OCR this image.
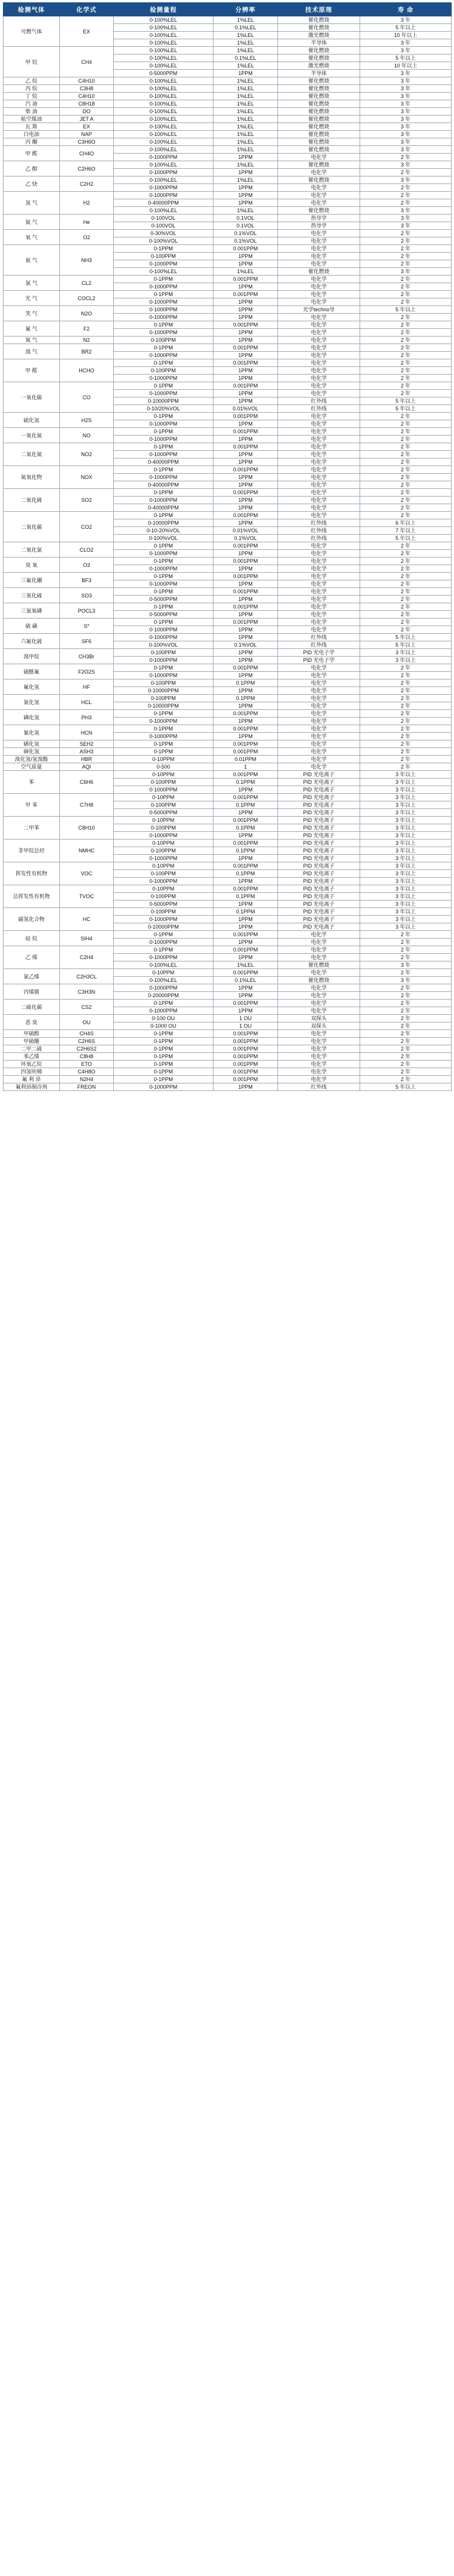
检测气体	化学式	检测量程	分辨率	技术原理	寿 命
可燃气体	EX	0-100%LEL	1%LEL	催化燃烧	3 年
		0-100%LEL	0.1%LEL	催化燃烧	5 年以上
		0-100%LEL	1%LEL	激光燃烧	10 年以上
		0-100%LEL	1%LEL	半导体	3 年
甲 烷	CH4	0-100%LEL	1%LEL	催化燃烧	3 年
		0-100%LEL	0.1%LEL	催化燃烧	5 年以上
		0-100%LEL	1%LEL	激光燃烧	10 年以上
		0-5000PPM	1PPM	半导体	3 年
乙 烷	C4H10	0-100%LEL	1%LEL	催化燃烧	3 年
丙 烷	C3H8	0-100%LEL	1%LEL	催化燃烧	3 年
丁 烷	C4H10	0-100%LEL	1%LEL	催化燃烧	3 年
汽 油	C8H18	0-100%LEL	1%LEL	催化燃烧	3 年
柴 油	DO	0-100%LEL	1%LEL	催化燃烧	3 年
航空煤油	JET A	0-100%LEL	1%LEL	催化燃烧	3 年
瓦 斯	EX	0-100%LEL	1%LEL	催化燃烧	3 年
白电油	NAP	0-100%LEL	1%LEL	催化燃烧	3 年
丙 酮	C3H6O	0-100%LEL	1%LEL	催化燃烧	3 年
甲 醛	CH4O	0-100%LEL	1%LEL	催化燃烧	3 年
		0-1000PPM	1PPM	电化学	2 年
乙 醇	C2H6O	0-100%LEL	1%LEL	催化燃烧	3 年
		0-1000PPM	1PPM	电化学	2 年
乙 炔	C2H2	0-100%LEL	1%LEL	催化燃烧	3 年
		0-1000PPM	1PPM	电化学	2 年
氢 气	H2	0-1000PPM	1PPM	电化学	2 年
		0-40000PPM	1PPM	电化学	2 年
		0-100%LEL	1%LEL	催化燃烧	3 年
氦 气	He	0-100VOL	0.1VOL	热导学	3 年
		0-100VOL	0.1VOL	热导学	3 年
氧 气	O2	0-30%VOL	0.1%VOL	电化学	2 年
		0-100%VOL	0.1%VOL	电化学	2 年
氨 气	NH3	0-1PPM	0.001PPM	电化学	2 年
		0-100PPM	1PPM	电化学	2 年
		0-1000PPM	1PPM	电化学	2 年
		0-100%LEL	1%LEL	催化燃烧	3 年
氯 气	CL2	0-1PPM	0.001PPM	电化学	2 年
		0-1000PPM	1PPM	电化学	2 年
光 气	COCL2	0-1PPM	0.001PPM	电化学	2 年
		0-1000PPM	1PPM	电化学	2 年
笑 气	N2O	0-1000PPM	1PPM	光学techno导	5 年以上
		0-1000PPM	1PPM	电化学	2 年
氟 气	F2	0-1PPM	0.001PPM	电化学	2 年
		0-1000PPM	1PPM	电化学	2 年
氮 气	N2	0-100PPM	1PPM	电化学	2 年
溴 气	BR2	0-1PPM	0.001PPM	电化学	2 年
		0-1000PPM	1PPM	电化学	2 年
甲 醛	HCHO	0-1PPM	0.001PPM	电化学	2 年
		0-100PPM	1PPM	电化学	2 年
		0-1000PPM	1PPM	电化学	2 年
一氧化碳	CO	0-1PPM	0.001PPM	电化学	2 年
		0-1000PPM	1PPM	电化学	2 年
		0-10000PPM	1PPM	红外线	5 年以上
		0-10/20%VOL	0.01%VOL	红外线	5 年以上
硫化氢	H2S	0-1PPM	0.001PPM	电化学	2 年
		0-1000PPM	1PPM	电化学	2 年
一氧化氮	NO	0-1PPM	0.001PPM	电化学	2 年
		0-1000PPM	1PPM	电化学	2 年
二氧化氮	NO2	0-1PPM	0.001PPM	电化学	2 年
		0-1000PPM	1PPM	电化学	2 年
		0-40000PPM	1PPM	电化学	2 年
氮氧化物	NOX	0-1PPM	0.001PPM	电化学	2 年
		0-1000PPM	1PPM	电化学	2 年
		0-40000PPM	1PPM	电化学	2 年
二氧化硫	SO2	0-1PPM	0.001PPM	电化学	2 年
		0-1000PPM	1PPM	电化学	2 年
		0-40000PPM	1PPM	电化学	2 年
二氧化碳	CO2	0-1PPM	0.001PPM	电化学	2 年
		0-10000PPM	1PPM	红外线	6 年以上
		0-10-20%VOL	0.01%VOL	红外线	7 年以上
		0-100%VOL	0.1%VOL	红外线	5 年以上
二氧化氯	CLO2	0-1PPM	0.001PPM	电化学	2 年
		0-1000PPM	1PPM	电化学	2 年
臭 氧	O3	0-1PPM	0.001PPM	电化学	2 年
		0-1000PPM	1PPM	电化学	2 年
三氟化硼	BF3	0-1PPM	0.001PPM	电化学	2 年
		0-1000PPM	1PPM	电化学	2 年
三氧化硫	SO3	0-1PPM	0.001PPM	电化学	2 年
		0-5000PPM	1PPM	电化学	2 年
三氯氧磷	POCL3	0-1PPM	0.001PPM	电化学	2 年
		0-5000PPM	1PPM	电化学	2 年
硫 磺	S*	0-1PPM	0.001PPM	电化学	2 年
		0-1000PPM	1PPM	电化学	2 年
六氟化硫	SF6	0-1000PPM	1PPM	红外线	5 年以上
		0-100%VOL	0.1%VOL	红外线	5 年以上
溴甲烷	CH3Br	0-100PPM	1PPM	PID 光电子学	3 年以上
		0-1000PPM	1PPM	PID 光电子学	3 年以上
硫酰氟	F2O2S	0-1PPM	0.001PPM	电化学	2 年
		0-1000PPM	1PPM	电化学	2 年
氟化氢	HF	0-100PPM	0.1PPM	电化学	2 年
		0-10000PPM	1PPM	电化学	2 年
氯化氢	HCL	0-100PPM	0.1PPM	电化学	2 年
		0-10000PPM	1PPM	电化学	2 年
磷化氢	PH3	0-1PPM	0.001PPM	电化学	2 年
		0-1000PPM	1PPM	电化学	2 年
氰化氢	HCN	0-1PPM	0.001PPM	电化学	2 年
		0-1000PPM	1PPM	电化学	2 年
硒化氢	SEH2	0-1PPM	0.001PPM	电化学	2 年
砷化氢	ASH3	0-1PPM	0.001PPM	电化学	2 年
溴化氢/氢溴酸	HBR	0-10PPM	0.01PPM	电化学	2 年
空气质量	AQI	0-500	1	电化学	2 年
苯	C6H6	0-10PPM	0.001PPM	PID 光电离子	3 年以上
		0-100PPM	0.1PPM	PID 光电离子	3 年以上
		0-1000PPM	1PPM	PID 光电离子	3 年以上
甲 苯	C7H8	0-10PPM	0.001PPM	PID 光电离子	3 年以上
		0-100PPM	0.1PPM	PID 光电离子	3 年以上
		0-5000PPM	1PPM	PID 光电离子	3 年以上
二甲苯	C8H10	0-10PPM	0.001PPM	PID 光电离子	3 年以上
		0-100PPM	0.1PPM	PID 光电离子	3 年以上
		0-1000PPM	1PPM	PID 光电离子	3 年以上
非甲烷总烃	NMHC	0-10PPM	0.001PPM	PID 光电离子	3 年以上
		0-100PPM	0.1PPM	PID 光电离子	3 年以上
		0-1000PPM	1PPM	PID 光电离子	3 年以上
挥发性有机物	VOC	0-10PPM	0.001PPM	PID 光电离子	3 年以上
		0-100PPM	0.1PPM	PID 光电离子	3 年以上
		0-1000PPM	1PPM	PID 光电离子	3 年以上
总挥发性有机物	TVOC	0-10PPM	0.001PPM	PID 光电离子	3 年以上
		0-100PPM	0.1PPM	PID 光电离子	3 年以上
		0-5000PPM	1PPM	PID 光电离子	3 年以上
碳氢化合物	HC	0-100PPM	0.1PPM	PID 光电离子	3 年以上
		0-1000PPM	1PPM	PID 光电离子	3 年以上
		0-10000PPM	1PPM	PID 光电离子	3 年以上
硅 烷	SIH4	0-1PPM	0.001PPM	电化学	2 年
		0-1000PPM	1PPM	电化学	2 年
乙 烯	C2H4	0-1PPM	0.001PPM	电化学	2 年
		0-1000PPM	1PPM	电化学	2 年
		0-100%LEL	1%LEL	催化燃烧	3 年
氯乙烯	C2H3CL	0-10PPM	0.001PPM	电化学	2 年
		0-100%LEL	0.1%LEL	催化燃烧	3 年
丙烯腈	C3H3N	0-1000PPM	1PPM	电化学	2 年
		0-20000PPM	1PPM	电化学	2 年
二硫化碳	CS2	0-1PPM	0.001PPM	电化学	2 年
		0-1000PPM	1PPM	电化学	2 年
恶 臭	OU	0-100 OU	1 OU	双探头	2 年
		0-1000 OU	1 OU	双探头	2 年
甲硫醇	CH4S	0-1PPM	0.001PPM	电化学	2 年
甲硫醚	C2H6S	0-1PPM	0.001PPM	电化学	2 年
二甲二硫	C2H6S2	0-1PPM	0.001PPM	电化学	2 年
苯乙烯	C8H8	0-1PPM	0.001PPM	电化学	2 年
环氧乙烷	ETO	0-1PPM	0.001PPM	电化学	2 年
四氢呋喃	C4H8O	0-1PPM	0.001PPM	电化学	2 年
氟 利 昂	N2H4	0-1PPM	0.001PPM	电化学	2 年
氟利昂制冷剂	FREON	0-1000PPM	1PPM	红外线	5 年以上
